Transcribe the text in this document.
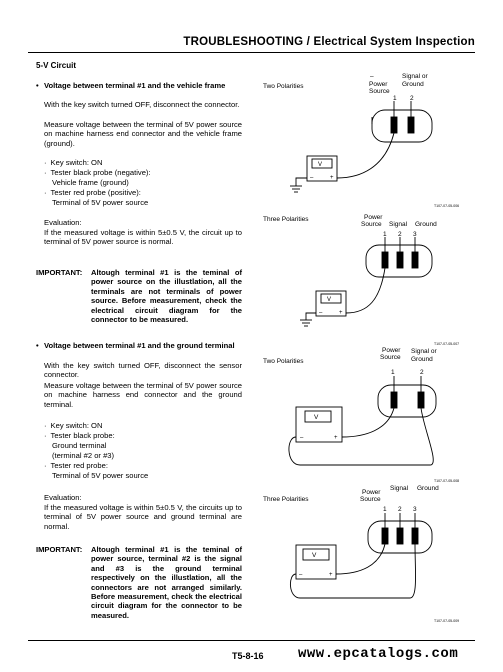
TROUBLESHOOTING / Electrical System Inspection
5-V Circuit
• Voltage between terminal #1 and the vehicle frame
With the key switch turned OFF, disconnect the connector.
Measure voltage between the terminal of 5V power source on machine harness end connector and the vehicle frame (ground).
· Key switch: ON
· Tester black probe (negative):
Vehicle frame (ground)
· Tester red probe (positive):
Terminal of 5V power source
Evaluation:
If the measured voltage is within 5±0.5 V, the circuit up to terminal of 5V power source is normal.
IMPORTANT: Altough terminal #1 is the teminal of power source on the illustlation, all the terminals are not terminals of power source. Before measurement, check the electrical circuit diagram for the connector to be measured.
• Voltage between terminal #1 and the ground terminal
With the key switch turned OFF, disconnect the sensor connector.
Measure voltage between the terminal of 5V power source on machine harness end connector and the ground terminal.
· Key switch: ON
· Tester black probe:
Ground terminal
(terminal #2 or #3)
· Tester red probe:
Terminal of 5V power source
Evaluation:
If the measured voltage is within 5±0.5 V, the circuits up to terminal of 5V power source and ground terminal are normal.
IMPORTANT: Altough terminal #1 is the teminal of power source, terminal #2 is the signal and #3 is the ground terminal respectively on the illustlation, all the connectors are not arranged similarly. Before measurement, check the electrical circuit diagram for the connector to be measured.
Two Polarities
–
Power
Source
Signal or
Ground
1 2
V
–	+
T107-07-05-006
Three Polarities	Power
Source Signal Ground
1 2 3
V
–	+
T107-07-05-007
Two Polarities
Power
Source
Signal or
Ground
1	2
V
–	+
T107-07-05-008
Three Polarities
Power
Source
Signal Ground
1 2 3
V
–	+
T107-07-05-009
T5-8-16 www.epcatalogs.com
